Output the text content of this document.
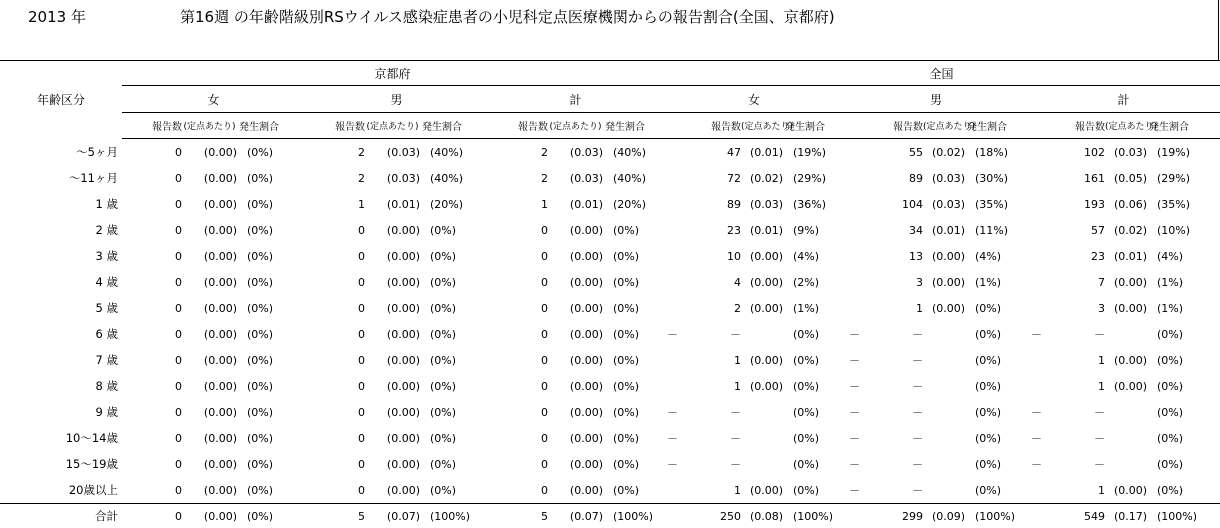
2013 年	第16週 の年齢階級別RSウイルス感染症患者の小児科定点医療機関からの報告割合(全国、京都府)
年齢区分	京都府									全国											
	女			男			計			女				男				計			
	報告数	(定点あたり)	発生割合	報告数	(定点あたり)	発生割合	報告数	(定点あたり)	発生割合		報告数	(定点あたり)	発生割合		報告数	(定点あたり)	発生割合		報告数	(定点あたり)	発生割合
～5ヶ月	0	(0.00)	(0%)	2	(0.03)	(40%)	2	(0.03)	(40%)		47	(0.01)	(19%)		55	(0.02)	(18%)		102	(0.03)	(19%)
～11ヶ月	0	(0.00)	(0%)	2	(0.03)	(40%)	2	(0.03)	(40%)		72	(0.02)	(29%)		89	(0.03)	(30%)		161	(0.05)	(29%)
1 歳	0	(0.00)	(0%)	1	(0.01)	(20%)	1	(0.01)	(20%)		89	(0.03)	(36%)		104	(0.03)	(35%)		193	(0.06)	(35%)
2 歳	0	(0.00)	(0%)	0	(0.00)	(0%)	0	(0.00)	(0%)		23	(0.01)	(9%)		34	(0.01)	(11%)		57	(0.02)	(10%)
3 歳	0	(0.00)	(0%)	0	(0.00)	(0%)	0	(0.00)	(0%)		10	(0.00)	(4%)		13	(0.00)	(4%)		23	(0.01)	(4%)
4 歳	0	(0.00)	(0%)	0	(0.00)	(0%)	0	(0.00)	(0%)		4	(0.00)	(2%)		3	(0.00)	(1%)		7	(0.00)	(1%)
5 歳	0	(0.00)	(0%)	0	(0.00)	(0%)	0	(0.00)	(0%)		2	(0.00)	(1%)		1	(0.00)	(0%)		3	(0.00)	(1%)
6 歳	0	(0.00)	(0%)	0	(0.00)	(0%)	0	(0.00)	(0%)	－	－		(0%)	－	－		(0%)	－	－		(0%)
7 歳	0	(0.00)	(0%)	0	(0.00)	(0%)	0	(0.00)	(0%)		1	(0.00)	(0%)	－	－		(0%)		1	(0.00)	(0%)
8 歳	0	(0.00)	(0%)	0	(0.00)	(0%)	0	(0.00)	(0%)		1	(0.00)	(0%)	－	－		(0%)		1	(0.00)	(0%)
9 歳	0	(0.00)	(0%)	0	(0.00)	(0%)	0	(0.00)	(0%)	－	－		(0%)	－	－		(0%)	－	－		(0%)
10～14歳	0	(0.00)	(0%)	0	(0.00)	(0%)	0	(0.00)	(0%)	－	－		(0%)	－	－		(0%)	－	－		(0%)
15～19歳	0	(0.00)	(0%)	0	(0.00)	(0%)	0	(0.00)	(0%)	－	－		(0%)	－	－		(0%)	－	－		(0%)
20歳以上	0	(0.00)	(0%)	0	(0.00)	(0%)	0	(0.00)	(0%)		1	(0.00)	(0%)	－	－		(0%)		1	(0.00)	(0%)
合計	0	(0.00)	(0%)	5	(0.07)	(100%)	5	(0.07)	(100%)		250	(0.08)	(100%)		299	(0.09)	(100%)		549	(0.17)	(100%)
